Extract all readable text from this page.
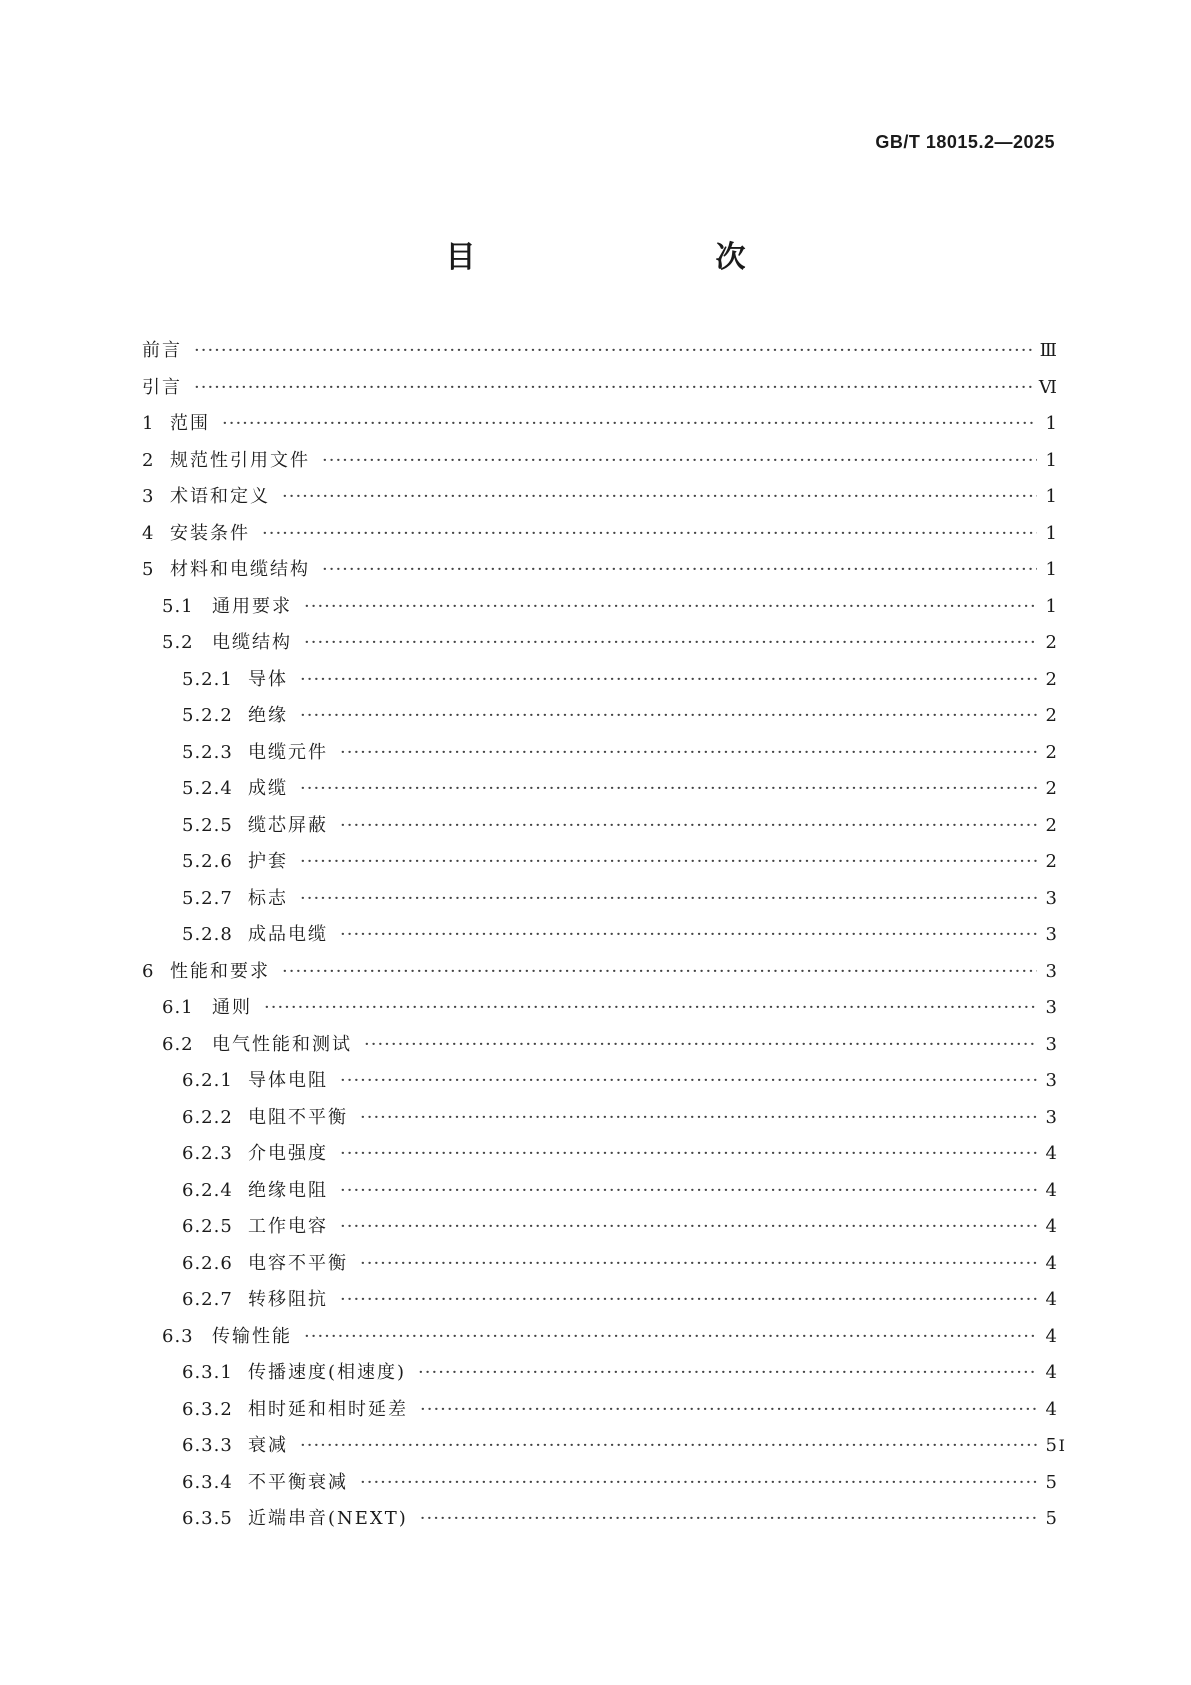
GB/T 18015.2—2025
目　　次
前言 ·····	Ⅲ
引言 ·····	Ⅵ
1 范围 ·····	1
2 规范性引用文件 ·····	1
3 术语和定义 ·····	1
4 安装条件 ·····	1
5 材料和电缆结构 ·····	1
5.1	通用要求 ·····	1
5.2	电缆结构 ·····	2
5.2.1 导体 ·····	2
5.2.2 绝缘 ·····	2
5.2.3 电缆元件 ·····	2
5.2.4 成缆 ·····	2
5.2.5 缆芯屏蔽 ·····	2
5.2.6 护套 ·····	2
5.2.7 标志 ·····	3
5.2.8 成品电缆 ·····	3
6 性能和要求 ·····	3
6.1	通则 ·····	3
6.2	电气性能和测试 ·····	3
6.2.1 导体电阻 ·····	3
6.2.2 电阻不平衡 ·····	3
6.2.3 介电强度 ·····	4
6.2.4 绝缘电阻 ·····	4
6.2.5 工作电容 ·····	4
6.2.6 电容不平衡 ·····	4
6.2.7 转移阻抗 ·····	4
6.3	传输性能 ·····	4
6.3.1 传播速度(相速度) ·····	4
6.3.2 相时延和相时延差 ·····	4
6.3.3 衰减 ·····	5
6.3.4 不平衡衰减 ·····	5
6.3.5 近端串音(NEXT) ·····	5
Ⅰ
